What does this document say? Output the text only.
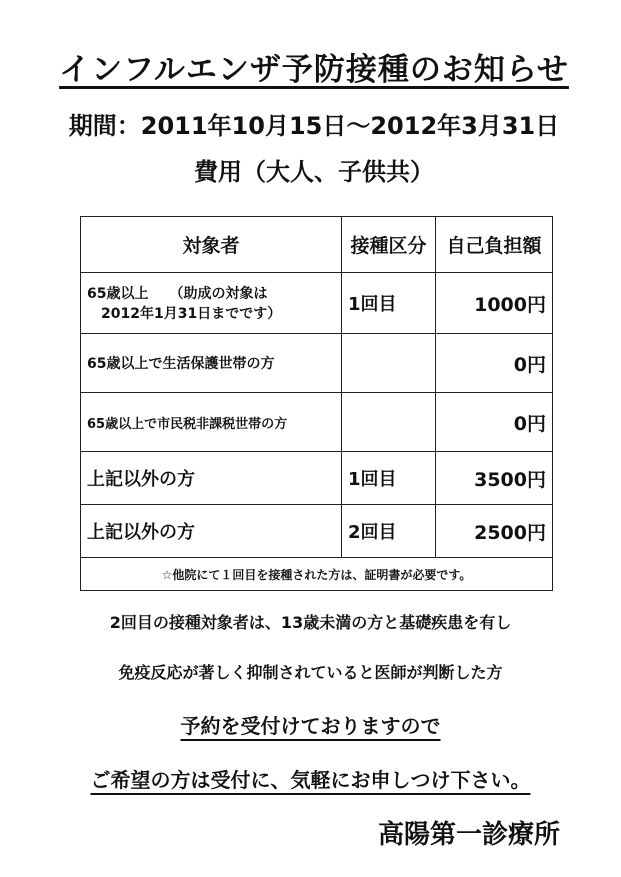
インフルエンザ予防接種のお知らせ
期間：2011年10月15日～2012年3月31日
費用（大人、子供共）
対象者	接種区分	自己負担額

65歳以上　　（助成の対象は
2012年1月31日までです）	1回目	1000円
65歳以上で生活保護世帯の方		0円
65歳以上で市民税非課税世帯の方		0円
上記以外の方	1回目	3500円
上記以外の方	2回目	2500円
☆他院にて１回目を接種された方は、証明書が必要です。		
2回目の接種対象者は、13歳未満の方と基礎疾患を有し
免疫反応が著しく抑制されていると医師が判断した方
予約を受付けておりますので
ご希望の方は受付に、気軽にお申しつけ下さい。
高陽第一診療所
